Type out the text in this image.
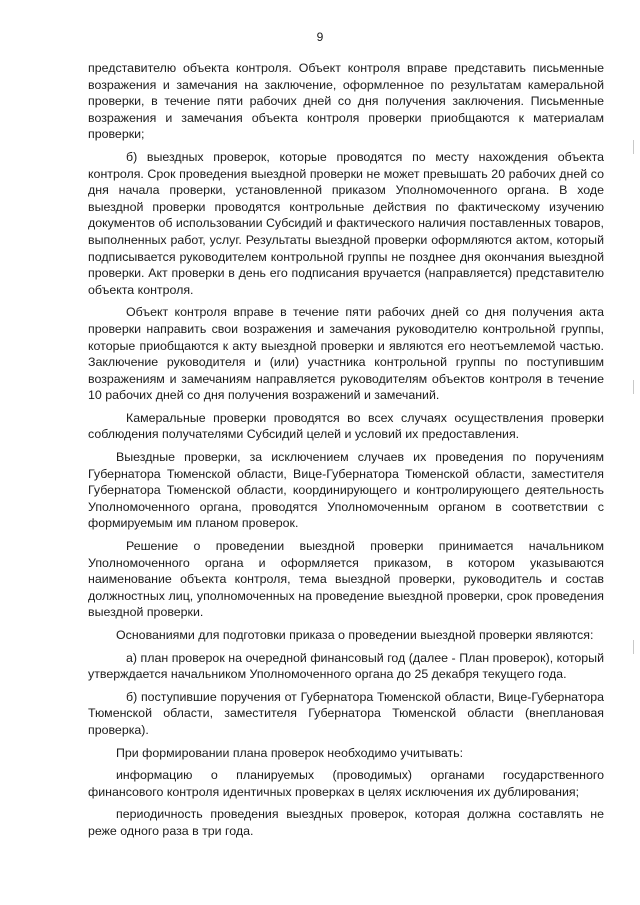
9

представителю объекта контроля. Объект контроля вправе представить письменные возражения и замечания на заключение, оформленное по результатам камеральной проверки, в течение пяти рабочих дней со дня получения заключения. Письменные возражения и замечания объекта контроля проверки приобщаются к материалам проверки;

б) выездных проверок, которые проводятся по месту нахождения объекта контроля. Срок проведения выездной проверки не может превышать 20 рабочих дней со дня начала проверки, установленной приказом Уполномоченного органа. В ходе выездной проверки проводятся контрольные действия по фактическому изучению документов об использовании Субсидий и фактического наличия поставленных товаров, выполненных работ, услуг. Результаты выездной проверки оформляются актом, который подписывается руководителем контрольной группы не позднее дня окончания выездной проверки. Акт проверки в день его подписания вручается (направляется) представителю объекта контроля.

Объект контроля вправе в течение пяти рабочих дней со дня получения акта проверки направить свои возражения и замечания руководителю контрольной группы, которые приобщаются к акту выездной проверки и являются его неотъемлемой частью. Заключение руководителя и (или) участника контрольной группы по поступившим возражениям и замечаниям направляется руководителям объектов контроля в течение 10 рабочих дней со дня получения возражений и замечаний.

Камеральные проверки проводятся во всех случаях осуществления проверки соблюдения получателями Субсидий целей и условий их предоставления.

Выездные проверки, за исключением случаев их проведения по поручениям Губернатора Тюменской области, Вице-Губернатора Тюменской области, заместителя Губернатора Тюменской области, координирующего и контролирующего деятельность Уполномоченного органа, проводятся Уполномоченным органом в соответствии с формируемым им планом проверок.

Решение о проведении выездной проверки принимается начальником Уполномоченного органа и оформляется приказом, в котором указываются наименование объекта контроля, тема выездной проверки, руководитель и состав должностных лиц, уполномоченных на проведение выездной проверки, срок проведения выездной проверки.

Основаниями для подготовки приказа о проведении выездной проверки являются:

а) план проверок на очередной финансовый год (далее - План проверок), который утверждается начальником Уполномоченного органа до 25 декабря текущего года.

б) поступившие поручения от Губернатора Тюменской области, Вице-Губернатора Тюменской области, заместителя Губернатора Тюменской области (внеплановая проверка).

При формировании плана проверок необходимо учитывать:

информацию о планируемых (проводимых) органами государственного финансового контроля идентичных проверках в целях исключения их дублирования;

периодичность проведения выездных проверок, которая должна составлять не реже одного раза в три года.
